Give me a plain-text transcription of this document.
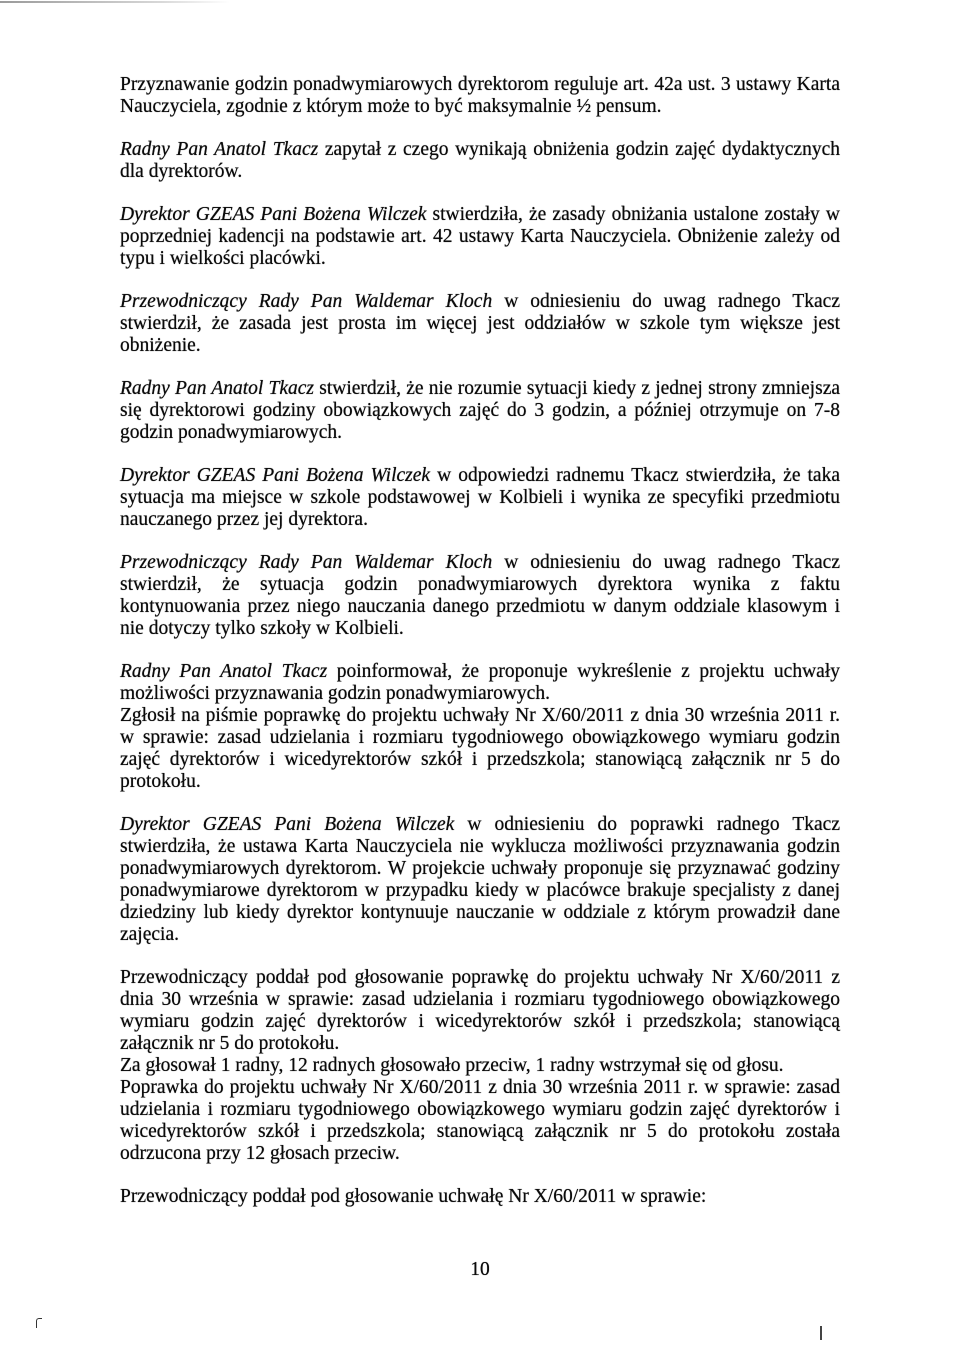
Przyznawanie godzin ponadwymiarowych dyrektorom reguluje art. 42a ust. 3 ustawy Karta Nauczyciela, zgodnie z którym może to być maksymalnie ½ pensum.

Radny Pan Anatol Tkacz zapytał z czego wynikają obniżenia godzin zajęć dydaktycznych dla dyrektorów.

Dyrektor GZEAS Pani Bożena Wilczek stwierdziła, że zasady obniżania ustalone zostały w poprzedniej kadencji na podstawie art. 42 ustawy Karta Nauczyciela. Obniżenie zależy od typu i wielkości placówki.

Przewodniczący Rady Pan Waldemar Kloch w odniesieniu do uwag radnego Tkacz stwierdził, że zasada jest prosta im więcej jest oddziałów w szkole tym większe jest obniżenie.

Radny Pan Anatol Tkacz stwierdził, że nie rozumie sytuacji kiedy z jednej strony zmniejsza się dyrektorowi godziny obowiązkowych zajęć do 3 godzin, a później otrzymuje on 7-8 godzin ponadwymiarowych.

Dyrektor GZEAS Pani Bożena Wilczek w odpowiedzi radnemu Tkacz stwierdziła, że taka sytuacja ma miejsce w szkole podstawowej w Kolbieli i wynika ze specyfiki przedmiotu nauczanego przez jej dyrektora.

Przewodniczący Rady Pan Waldemar Kloch w odniesieniu do uwag radnego Tkacz stwierdził, że sytuacja godzin ponadwymiarowych dyrektora wynika z faktu kontynuowania przez niego nauczania danego przedmiotu w danym oddziale klasowym i nie dotyczy tylko szkoły w Kolbieli.

Radny Pan Anatol Tkacz poinformował, że proponuje wykreślenie z projektu uchwały możliwości przyznawania godzin ponadwymiarowych.

Zgłosił na piśmie poprawkę do projektu uchwały Nr X/60/2011 z dnia 30 września 2011 r. w sprawie: zasad udzielania i rozmiaru tygodniowego obowiązkowego wymiaru godzin zajęć dyrektorów i wicedyrektorów szkół i przedszkola; stanowiącą załącznik nr 5 do protokołu.

Dyrektor GZEAS Pani Bożena Wilczek w odniesieniu do poprawki radnego Tkacz stwierdziła, że ustawa Karta Nauczyciela nie wyklucza możliwości przyznawania godzin ponadwymiarowych dyrektorom. W projekcie uchwały proponuje się przyznawać godziny ponadwymiarowe dyrektorom w przypadku kiedy w placówce brakuje specjalisty z danej dziedziny lub kiedy dyrektor kontynuuje nauczanie w oddziale z którym prowadził dane zajęcia.

Przewodniczący poddał pod głosowanie poprawkę do projektu uchwały Nr X/60/2011 z dnia 30 września w sprawie: zasad udzielania i rozmiaru tygodniowego obowiązkowego wymiaru godzin zajęć dyrektorów i wicedyrektorów szkół i przedszkola; stanowiącą załącznik nr 5 do protokołu.

Za głosował 1 radny, 12 radnych głosowało przeciw, 1 radny wstrzymał się od głosu.

Poprawka do projektu uchwały Nr X/60/2011 z dnia 30 września 2011 r. w sprawie: zasad udzielania i rozmiaru tygodniowego obowiązkowego wymiaru godzin zajęć dyrektorów i wicedyrektorów szkół i przedszkola; stanowiącą załącznik nr 5 do protokołu została odrzucona przy 12 głosach przeciw.

Przewodniczący poddał pod głosowanie uchwałę Nr X/60/2011 w sprawie:

10
